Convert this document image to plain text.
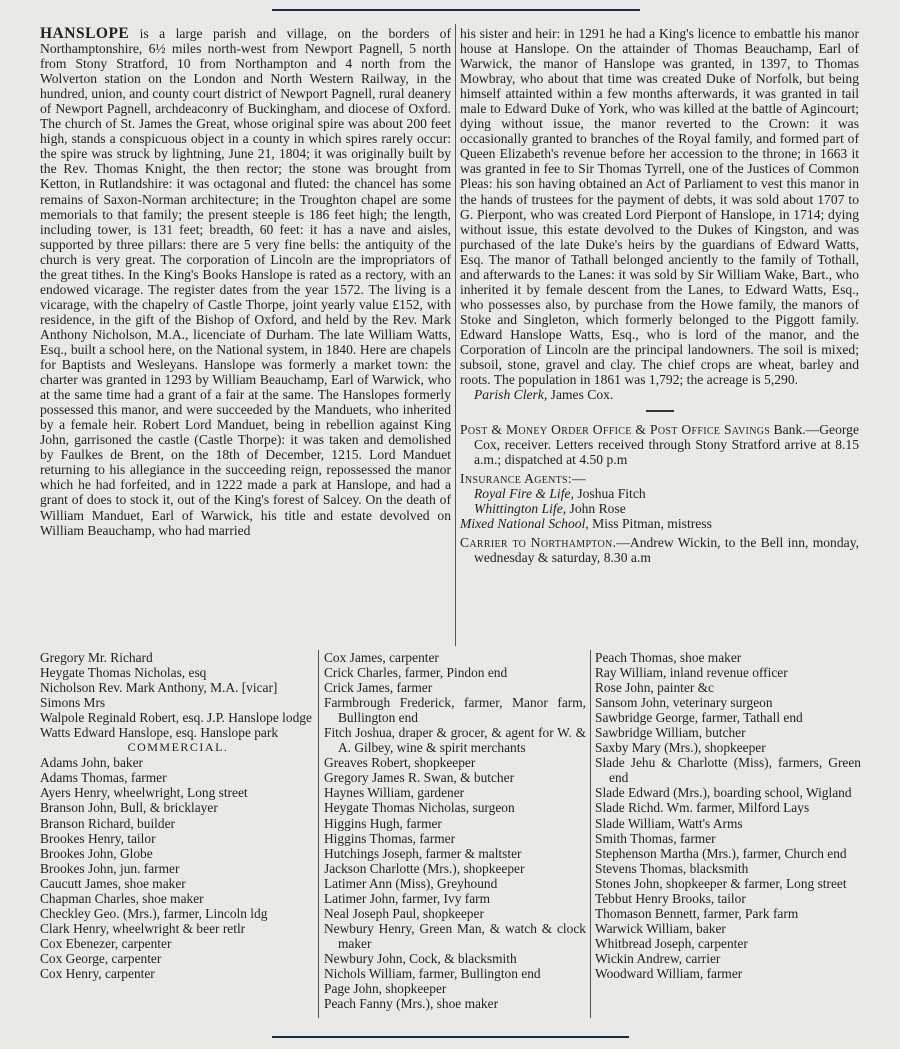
HANSLOPE is a large parish and village, on the borders of Northamptonshire, 6½ miles north-west from Newport Pagnell, 5 north from Stony Stratford, 10 from Northampton and 4 north from the Wolverton station on the London and North Western Railway, in the hundred, union, and county court district of Newport Pagnell, rural deanery of Newport Pagnell, archdeaconry of Buckingham, and diocese of Oxford. The church of St. James the Great, whose original spire was about 200 feet high, stands a conspicuous object in a county in which spires rarely occur: the spire was struck by lightning, June 21, 1804; it was originally built by the Rev. Thomas Knight, the then rector; the stone was brought from Ketton, in Rutlandshire: it was octagonal and fluted: the chancel has some remains of Saxon-Norman architecture; in the Troughton chapel are some memorials to that family; the present steeple is 186 feet high; the length, including tower, is 131 feet; breadth, 60 feet: it has a nave and aisles, supported by three pillars: there are 5 very fine bells: the antiquity of the church is very great. The corporation of Lincoln are the impropriators of the great tithes. In the King's Books Hanslope is rated as a rectory, with an endowed vicarage. The register dates from the year 1572. The living is a vicarage, with the chapelry of Castle Thorpe, joint yearly value £152, with residence, in the gift of the Bishop of Oxford, and held by the Rev. Mark Anthony Nicholson, M.A., licenciate of Durham. The late William Watts, Esq., built a school here, on the National system, in 1840. Here are chapels for Baptists and Wesleyans. Hanslope was formerly a market town: the charter was granted in 1293 by William Beauchamp, Earl of Warwick, who at the same time had a grant of a fair at the same. The Hanslopes formerly possessed this manor, and were succeeded by the Manduets, who inherited by a female heir. Robert Lord Manduet, being in rebellion against King John, garrisoned the castle (Castle Thorpe): it was taken and demolished by Faulkes de Brent, on the 18th of December, 1215. Lord Manduet returning to his allegiance in the succeeding reign, repossessed the manor which he had forfeited, and in 1222 made a park at Hanslope, and had a grant of does to stock it, out of the King's forest of Salcey. On the death of William Manduet, Earl of Warwick, his title and estate devolved on William Beauchamp, who had married

his sister and heir: in 1291 he had a King's licence to embattle his manor house at Hanslope. On the attainder of Thomas Beauchamp, Earl of Warwick, the manor of Hanslope was granted, in 1397, to Thomas Mowbray, who about that time was created Duke of Norfolk, but being himself attainted within a few months afterwards, it was granted in tail male to Edward Duke of York, who was killed at the battle of Agincourt; dying without issue, the manor reverted to the Crown: it was occasionally granted to branches of the Royal family, and formed part of Queen Elizabeth's revenue before her accession to the throne; in 1663 it was granted in fee to Sir Thomas Tyrrell, one of the Justices of Common Pleas: his son having obtained an Act of Parliament to vest this manor in the hands of trustees for the payment of debts, it was sold about 1707 to G. Pierpont, who was created Lord Pierpont of Hanslope, in 1714; dying without issue, this estate devolved to the Dukes of Kingston, and was purchased of the late Duke's heirs by the guardians of Edward Watts, Esq. The manor of Tathall belonged anciently to the family of Tothall, and afterwards to the Lanes: it was sold by Sir William Wake, Bart., who inherited it by female descent from the Lanes, to Edward Watts, Esq., who possesses also, by purchase from the Howe family, the manors of Stoke and Singleton, which formerly belonged to the Piggott family. Edward Hanslope Watts, Esq., who is lord of the manor, and the Corporation of Lincoln are the principal landowners. The soil is mixed; subsoil, stone, gravel and clay. The chief crops are wheat, barley and roots. The population in 1861 was 1,792; the acreage is 5,290.

Parish Clerk, James Cox.

Post & Money Order Office & Post Office Savings Bank.—George Cox, receiver. Letters received through Stony Stratford arrive at 8.15 a.m.; dispatched at 4.50 p.m

Insurance Agents:—

Royal Fire & Life, Joshua Fitch

Whittington Life, John Rose

Mixed National School, Miss Pitman, mistress

Carrier to Northampton.—Andrew Wickin, to the Bell inn, monday, wednesday & saturday, 8.30 a.m

Gregory Mr. Richard
Heygate Thomas Nicholas, esq
Nicholson Rev. Mark Anthony, M.A. [vicar]
Simons Mrs
Walpole Reginald Robert, esq. J.P. Hanslope lodge
Watts Edward Hanslope, esq. Hanslope park
COMMERCIAL.
Adams John, baker
Adams Thomas, farmer
Ayers Henry, wheelwright, Long street
Branson John, Bull, & bricklayer
Branson Richard, builder
Brookes Henry, tailor
Brookes John, Globe
Brookes John, jun. farmer
Caucutt James, shoe maker
Chapman Charles, shoe maker
Checkley Geo. (Mrs.), farmer, Lincoln ldg
Clark Henry, wheelwright & beer retlr
Cox Ebenezer, carpenter
Cox George, carpenter
Cox Henry, carpenter
Cox James, carpenter
Crick Charles, farmer, Pindon end
Crick James, farmer
Farmbrough Frederick, farmer, Manor farm, Bullington end
Fitch Joshua, draper & grocer, & agent for W. & A. Gilbey, wine & spirit merchants
Greaves Robert, shopkeeper
Gregory James R. Swan, & butcher
Haynes William, gardener
Heygate Thomas Nicholas, surgeon
Higgins Hugh, farmer
Higgins Thomas, farmer
Hutchings Joseph, farmer & maltster
Jackson Charlotte (Mrs.), shopkeeper
Latimer Ann (Miss), Greyhound
Latimer John, farmer, Ivy farm
Neal Joseph Paul, shopkeeper
Newbury Henry, Green Man, & watch & clock maker
Newbury John, Cock, & blacksmith
Nichols William, farmer, Bullington end
Page John, shopkeeper
Peach Fanny (Mrs.), shoe maker
Peach Thomas, shoe maker
Ray William, inland revenue officer
Rose John, painter &c
Sansom John, veterinary surgeon
Sawbridge George, farmer, Tathall end
Sawbridge William, butcher
Saxby Mary (Mrs.), shopkeeper
Slade Jehu & Charlotte (Miss), farmers, Green end
Slade Edward (Mrs.), boarding school, Wigland
Slade Richd. Wm. farmer, Milford Lays
Slade William, Watt's Arms
Smith Thomas, farmer
Stephenson Martha (Mrs.), farmer, Church end
Stevens Thomas, blacksmith
Stones John, shopkeeper & farmer, Long street
Tebbut Henry Brooks, tailor
Thomason Bennett, farmer, Park farm
Warwick William, baker
Whitbread Joseph, carpenter
Wickin Andrew, carrier
Woodward William, farmer
